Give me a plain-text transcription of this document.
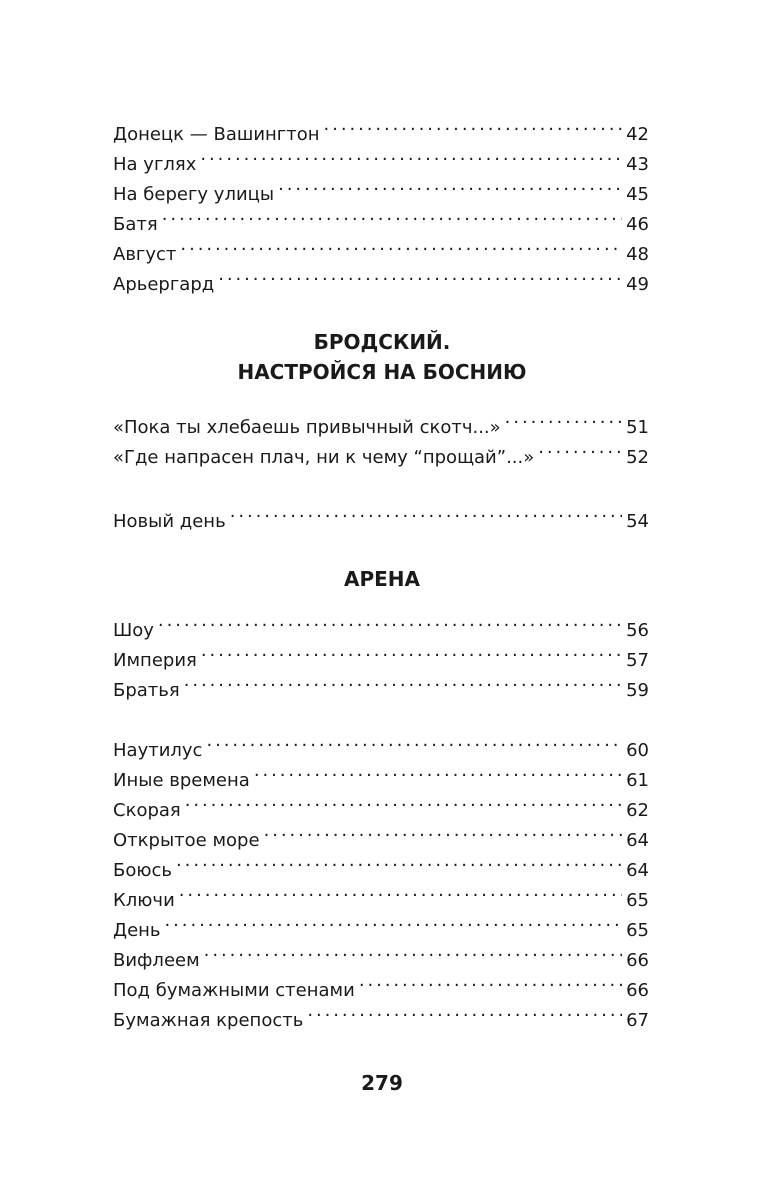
Донецк — Вашингтон . . .	42
На углях . . .	43
На берегу улицы . . .	45
Батя . . .	46
Август . . .	48
Арьергард . . .	49
БРОДСКИЙ.
НАСТРОЙСЯ НА БОСНИЮ
«Пока ты хлебаешь привычный скотч...» . . .	51
«Где напрасен плач, ни к чему “прощай”...» . . .	52
Новый день . . .	54
АРЕНА
Шоу . . .	56
Империя . . .	57
Братья . . .	59
Наутилус . . .	60
Иные времена . . .	61
Скорая . . .	62
Открытое море . . .	64
Боюсь . . .	64
Ключи . . .	65
День . . .	65
Вифлеем . . .	66
Под бумажными стенами . . .	66
Бумажная крепость . . .	67
279
